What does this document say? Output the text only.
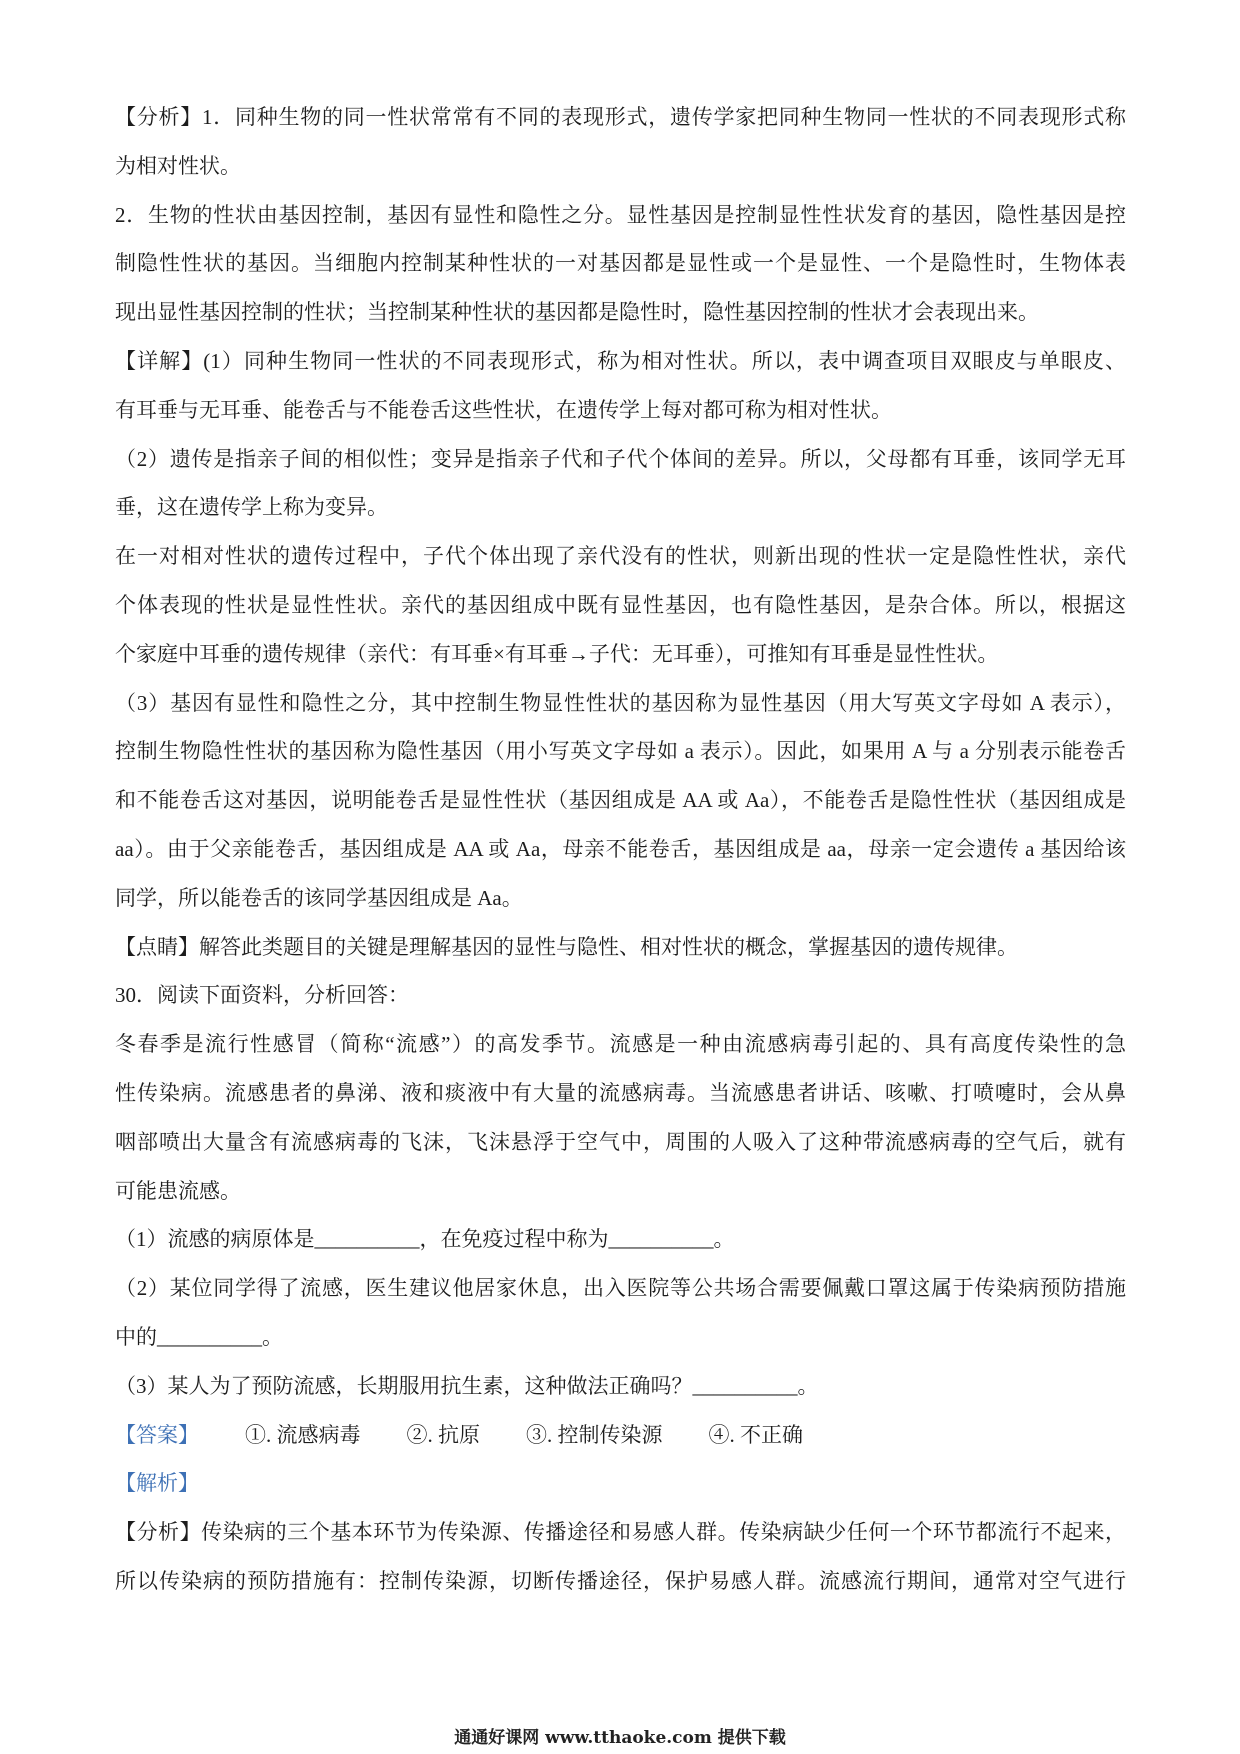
【分析】1．同种生物的同一性状常常有不同的表现形式，遗传学家把同种生物同一性状的不同表现形式称
为相对性状。
2．生物的性状由基因控制，基因有显性和隐性之分。显性基因是控制显性性状发育的基因，隐性基因是控
制隐性性状的基因。当细胞内控制某种性状的一对基因都是显性或一个是显性、一个是隐性时，生物体表
现出显性基因控制的性状；当控制某种性状的基因都是隐性时，隐性基因控制的性状才会表现出来。
【详解】(1）同种生物同一性状的不同表现形式，称为相对性状。所以，表中调查项目双眼皮与单眼皮、
有耳垂与无耳垂、能卷舌与不能卷舌这些性状，在遗传学上每对都可称为相对性状。
（2）遗传是指亲子间的相似性；变异是指亲子代和子代个体间的差异。所以，父母都有耳垂，该同学无耳
垂，这在遗传学上称为变异。
在一对相对性状的遗传过程中，子代个体出现了亲代没有的性状，则新出现的性状一定是隐性性状，亲代
个体表现的性状是显性性状。亲代的基因组成中既有显性基因，也有隐性基因，是杂合体。所以，根据这
个家庭中耳垂的遗传规律（亲代：有耳垂×有耳垂→子代：无耳垂），可推知有耳垂是显性性状。
（3）基因有显性和隐性之分，其中控制生物显性性状的基因称为显性基因（用大写英文字母如 A 表示），
控制生物隐性性状的基因称为隐性基因（用小写英文字母如 a 表示）。因此，如果用 A 与 a 分别表示能卷舌
和不能卷舌这对基因，说明能卷舌是显性性状（基因组成是 AA 或 Aa），不能卷舌是隐性性状（基因组成是
aa）。由于父亲能卷舌，基因组成是 AA 或 Aa，母亲不能卷舌，基因组成是 aa，母亲一定会遗传 a 基因给该
同学，所以能卷舌的该同学基因组成是 Aa。
【点睛】解答此类题目的关键是理解基因的显性与隐性、相对性状的概念，掌握基因的遗传规律。
30．阅读下面资料，分析回答：
冬春季是流行性感冒（简称“流感”）的高发季节。流感是一种由流感病毒引起的、具有高度传染性的急
性传染病。流感患者的鼻涕、液和痰液中有大量的流感病毒。当流感患者讲话、咳嗽、打喷嚏时，会从鼻
咽部喷出大量含有流感病毒的飞沫，飞沫悬浮于空气中，周围的人吸入了这种带流感病毒的空气后，就有
可能患流感。
（1）流感的病原体是__________，在免疫过程中称为__________。
（2）某位同学得了流感，医生建议他居家休息，出入医院等公共场合需要佩戴口罩这属于传染病预防措施
中的__________。
（3）某人为了预防流感，长期服用抗生素，这种做法正确吗？__________。
【答案】 ①. 流感病毒 ②. 抗原 ③. 控制传染源 ④. 不正确
【解析】
【分析】传染病的三个基本环节为传染源、传播途径和易感人群。传染病缺少任何一个环节都流行不起来，
所以传染病的预防措施有：控制传染源，切断传播途径，保护易感人群。流感流行期间，通常对空气进行
通通好课网 www.tthaoke.com 提供下载
